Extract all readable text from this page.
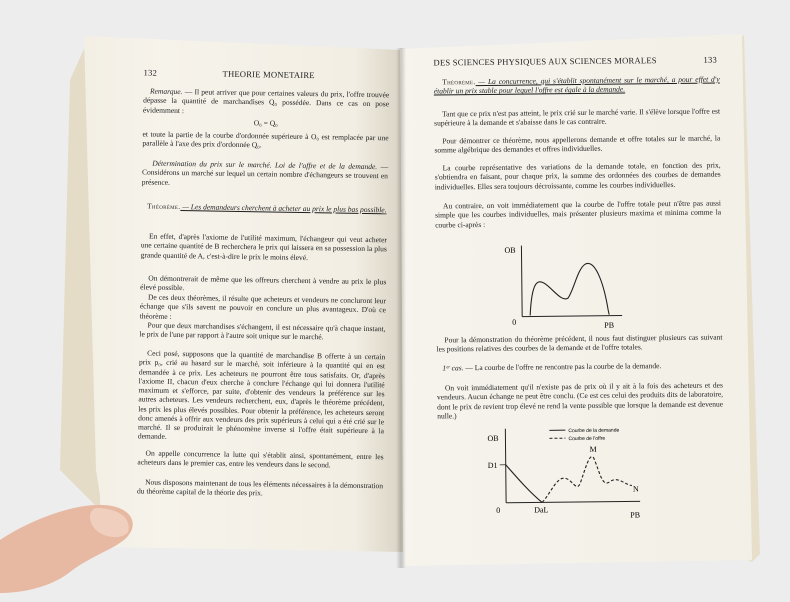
132	THEORIE MONETAIRE
Remarque. — Il peut arriver que pour certaines valeurs du prix, l'offre trouvée dépasse la quantité de marchandises Q₀ possédée. Dans ce cas on pose évidemment :
O₀ = Q₀
et toute la partie de la courbe d'ordonnée supérieure à O₀ est remplacée par une parallèle à l'axe des prix d'ordonnée Q₀.
Détermination du prix sur le marché. Loi de l'offre et de la demande. — Considérons un marché sur lequel un certain nombre d'échangeurs se trouvent en présence.
Théorème. — Les demandeurs cherchent à acheter au prix le plus bas possible.
En effet, d'après l'axiome de l'utilité maximum, l'échangeur qui veut acheter une certaine quantité de B recherchera le prix qui laissera en sa possession la plus grande quantité de A, c'est-à-dire le prix le moins élevé.
On démontrerait de même que les offreurs cherchent à vendre au prix le plus élevé possible.
De ces deux théorèmes, il résulte que acheteurs et vendeurs ne concluront leur échange que s'ils savent ne pouvoir en conclure un plus avantageux. D'où ce théorème :
Pour que deux marchandises s'échangent, il est nécessaire qu'à chaque instant, le prix de l'une par rapport à l'autre soit unique sur le marché.
Ceci posé, supposons que la quantité de marchandise B offerte à un certain prix p₀, crié au hasard sur le marché, soit inférieure à la quantité qui en est demandée à ce prix. Les acheteurs ne pourront être tous satisfaits. Or, d'après l'axiome II, chacun d'eux cherche à conclure l'échange qui lui donnera l'utilité maximum et s'efforce, par suite, d'obtenir des vendeurs la préférence sur les autres acheteurs. Les vendeurs recherchent, eux, d'après le théorème précédent, les prix les plus élevés possibles. Pour obtenir la préférence, les acheteurs seront donc amenés à offrir aux vendeurs des prix supérieurs à celui qui a été crié sur le marché. Il se produirait le phénomène inverse si l'offre était supérieure à la demande.
On appelle concurrence la lutte qui s'établit ainsi, spontanément, entre les acheteurs dans le premier cas, entre les vendeurs dans le second.
Nous disposons maintenant de tous les éléments nécessaires à la démonstration du théorème capital de la théorie des prix.
DES SCIENCES PHYSIQUES AUX SCIENCES MORALES	133
Théorème. — La concurrence, qui s'établit spontanément sur le marché, a pour effet d'y établir un prix stable pour lequel l'offre est égale à la demande.
Tant que ce prix n'est pas atteint, le prix crié sur le marché varie. Il s'élève lorsque l'offre est supérieure à la demande et s'abaisse dans le cas contraire.
Pour démontrer ce théorème, nous appellerons demande et offre totales sur le marché, la somme algébrique des demandes et offres individuelles.
La courbe représentative des variations de la demande totale, en fonction des prix, s'obtiendra en faisant, pour chaque prix, la somme des ordonnées des courbes de demandes individuelles. Elles sera toujours décroissante, comme les courbes individuelles.
Au contraire, on voit immédiatement que la courbe de l'offre totale peut n'être pas aussi simple que les courbes individuelles, mais présenter plusieurs maxima et minima comme la courbe ci-après :
OB
0	PB
Pour la démonstration du théorème précédent, il nous faut distinguer plusieurs cas suivant les positions relatives des courbes de la demande et de l'offre totales.
1ᵉʳ cas. — La courbe de l'offre ne rencontre pas la courbe de la demande.
On voit immédiatement qu'il n'existe pas de prix où il y ait à la fois des acheteurs et des vendeurs. Aucun échange ne peut être conclu. (Ce est ces celui des produits dits de laboratoire, dont le prix de revient trop élevé ne rend la vente possible que lorsque la demande est devenue nulle.)
Courbe de la demande
Courbe de l'offre
OB
D1
0	DaL
M
N
PB
